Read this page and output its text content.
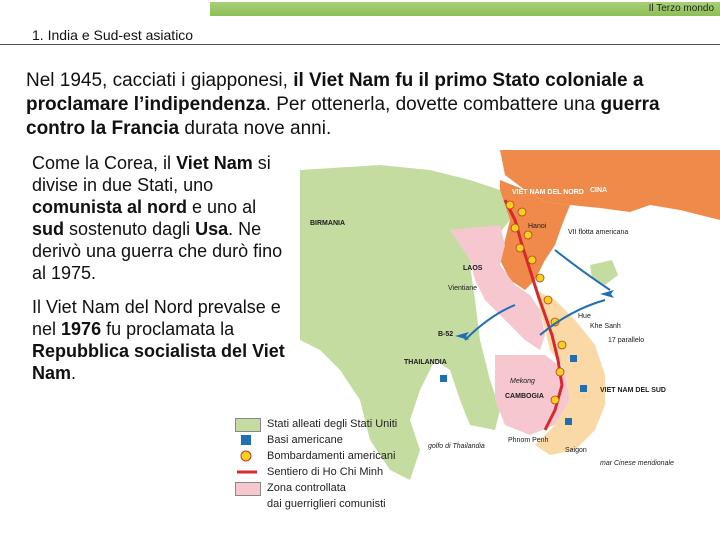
Il Terzo mondo
1. India e Sud-est asiatico
Nel 1945, cacciati i giapponesi, il Viet Nam fu il primo Stato coloniale a proclamare l’indipendenza. Per ottenerla, dovette combattere una guerra contro la Francia durata nove anni.

Come la Corea, il Viet Nam si divise in due Stati, uno comunista al nord e uno al sud sostenuto dagli Usa. Ne derivò una guerra che durò fino al 1975.

Il Viet Nam del Nord prevalse e nel 1976 fu proclamata la Repubblica socialista del Viet Nam.

VIET NAM DEL NORD CINA
BIRMANIA	Hanoi
VII flotta americana
LAOS
Vientiane
B-52
THAILANDIA
Hue
Khe Sanh
17 parallelo
Mekong
CAMBOGIA
VIET NAM DEL SUD
Phnom Penh
Saigon
golfo di Thailandia
mar Cinese meridionale
Stati alleati degli Stati Uniti
Basi americane
Bombardamenti americani
Sentiero di Ho Chi Minh
Zona controllata
dai guerriglieri comunisti
